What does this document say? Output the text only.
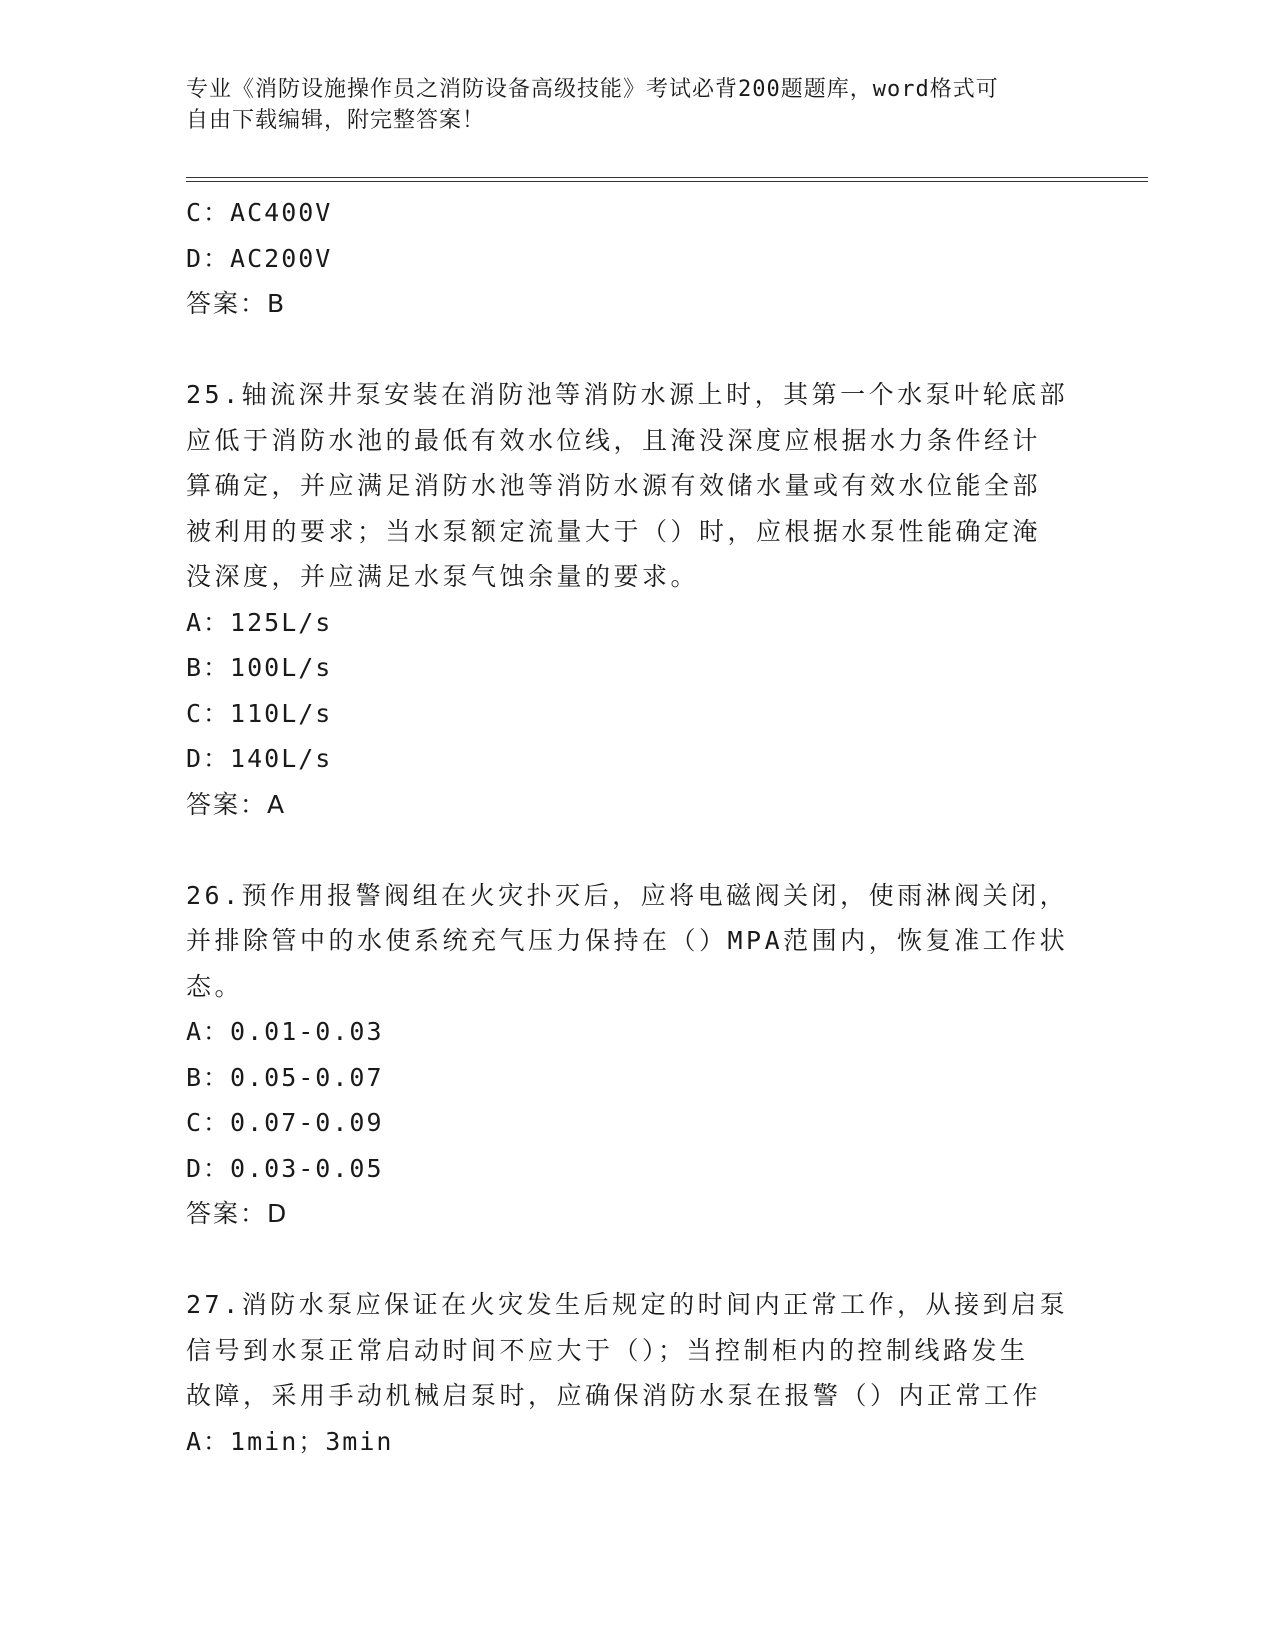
专业《消防设施操作员之消防设备高级技能》考试必背200题题库，word格式可
自由下载编辑，附完整答案！
C：AC400V
D：AC200V
答案：B
25.轴流深井泵安装在消防池等消防水源上时，其第一个水泵叶轮底部
应低于消防水池的最低有效水位线，且淹没深度应根据水力条件经计
算确定，并应满足消防水池等消防水源有效储水量或有效水位能全部
被利用的要求；当水泵额定流量大于（）时，应根据水泵性能确定淹
没深度，并应满足水泵气蚀余量的要求。
A：125L/s
B：100L/s
C：110L/s
D：140L/s
答案：A
26.预作用报警阀组在火灾扑灭后，应将电磁阀关闭，使雨淋阀关闭，
并排除管中的水使系统充气压力保持在（）MPA范围内，恢复准工作状
态。
A：0.01-0.03
B：0.05-0.07
C：0.07-0.09
D：0.03-0.05
答案：D
27.消防水泵应保证在火灾发生后规定的时间内正常工作，从接到启泵
信号到水泵正常启动时间不应大于（）；当控制柜内的控制线路发生
故障，采用手动机械启泵时，应确保消防水泵在报警（）内正常工作
A：1min；3min
